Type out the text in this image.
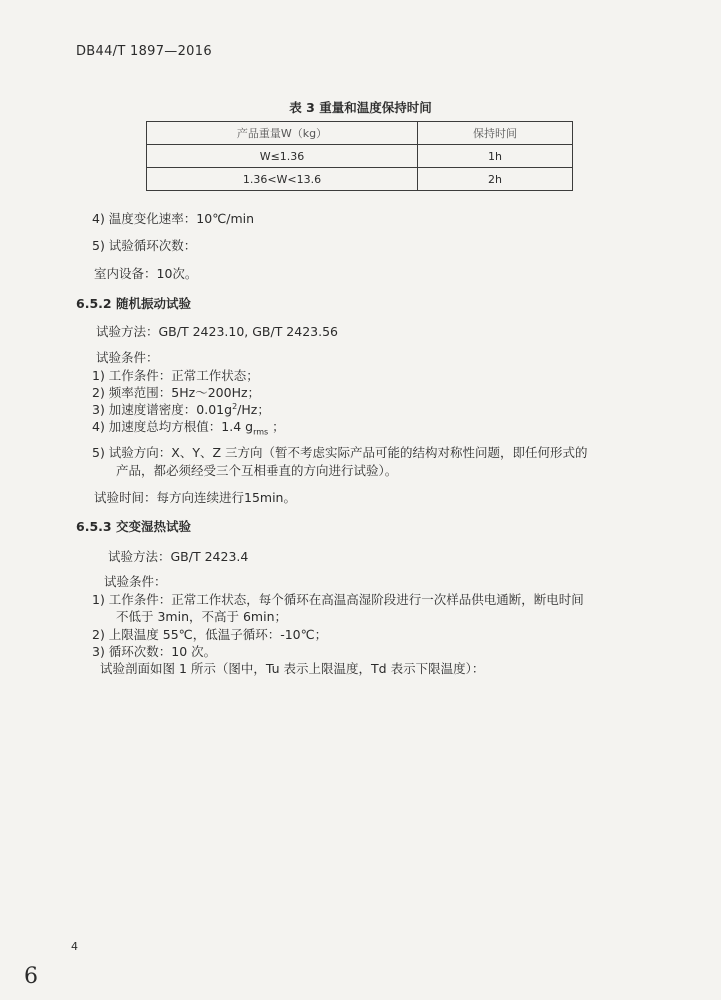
DB44/T 1897—2016
表 3 重量和温度保持时间
产品重量W（kg）	保持时间
W≤1.36	1h
1.36<W<13.6	2h
4) 温度变化速率：10℃/min
5) 试验循环次数：
室内设备：10次。
6.5.2 随机振动试验
试验方法：GB/T 2423.10, GB/T 2423.56
试验条件：
1) 工作条件：正常工作状态；
2) 频率范围：5Hz～200Hz；
3) 加速度谱密度：$0.01g^2/Hz$；
4) 加速度总均方根值：1.4 $g_{rms}$ ；
5) 试验方向：X、Y、Z 三方向（暂不考虑实际产品可能的结构对称性问题，即任何形式的
产品，都必须经受三个互相垂直的方向进行试验）。
试验时间：每方向连续进行15min。
6.5.3 交变湿热试验
试验方法：GB/T 2423.4
试验条件：
1) 工作条件：正常工作状态，每个循环在高温高湿阶段进行一次样品供电通断，断电时间
不低于 3min，不高于 6min；
2) 上限温度 55℃，低温子循环：-10℃；
3) 循环次数：10 次。
试验剖面如图 1 所示（图中，Tu 表示上限温度，Td 表示下限温度）：
4
6
